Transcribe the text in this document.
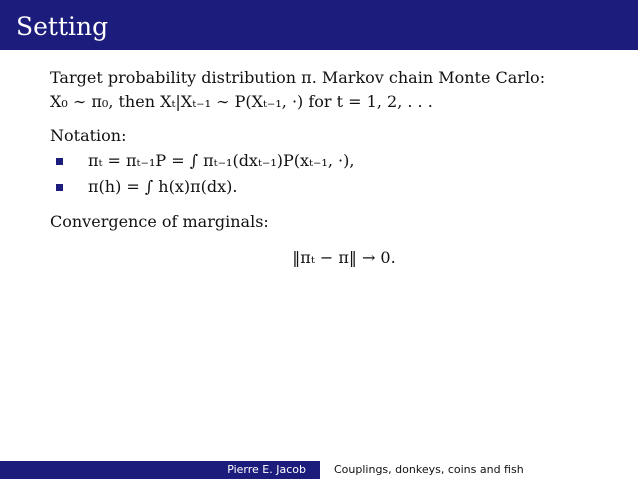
Setting
Target probability distribution π. Markov chain Monte Carlo:
X₀ ∼ π₀, then Xₜ|Xₜ₋₁ ∼ P(Xₜ₋₁, ·) for t = 1, 2, . . .
Notation:
πₜ = πₜ₋₁P = ∫ πₜ₋₁(dxₜ₋₁)P(xₜ₋₁, ·),
π(h) = ∫ h(x)π(dx).
Convergence of marginals:
‖πₜ − π‖ → 0.
Pierre E. Jacob	Couplings, donkeys, coins and fish
